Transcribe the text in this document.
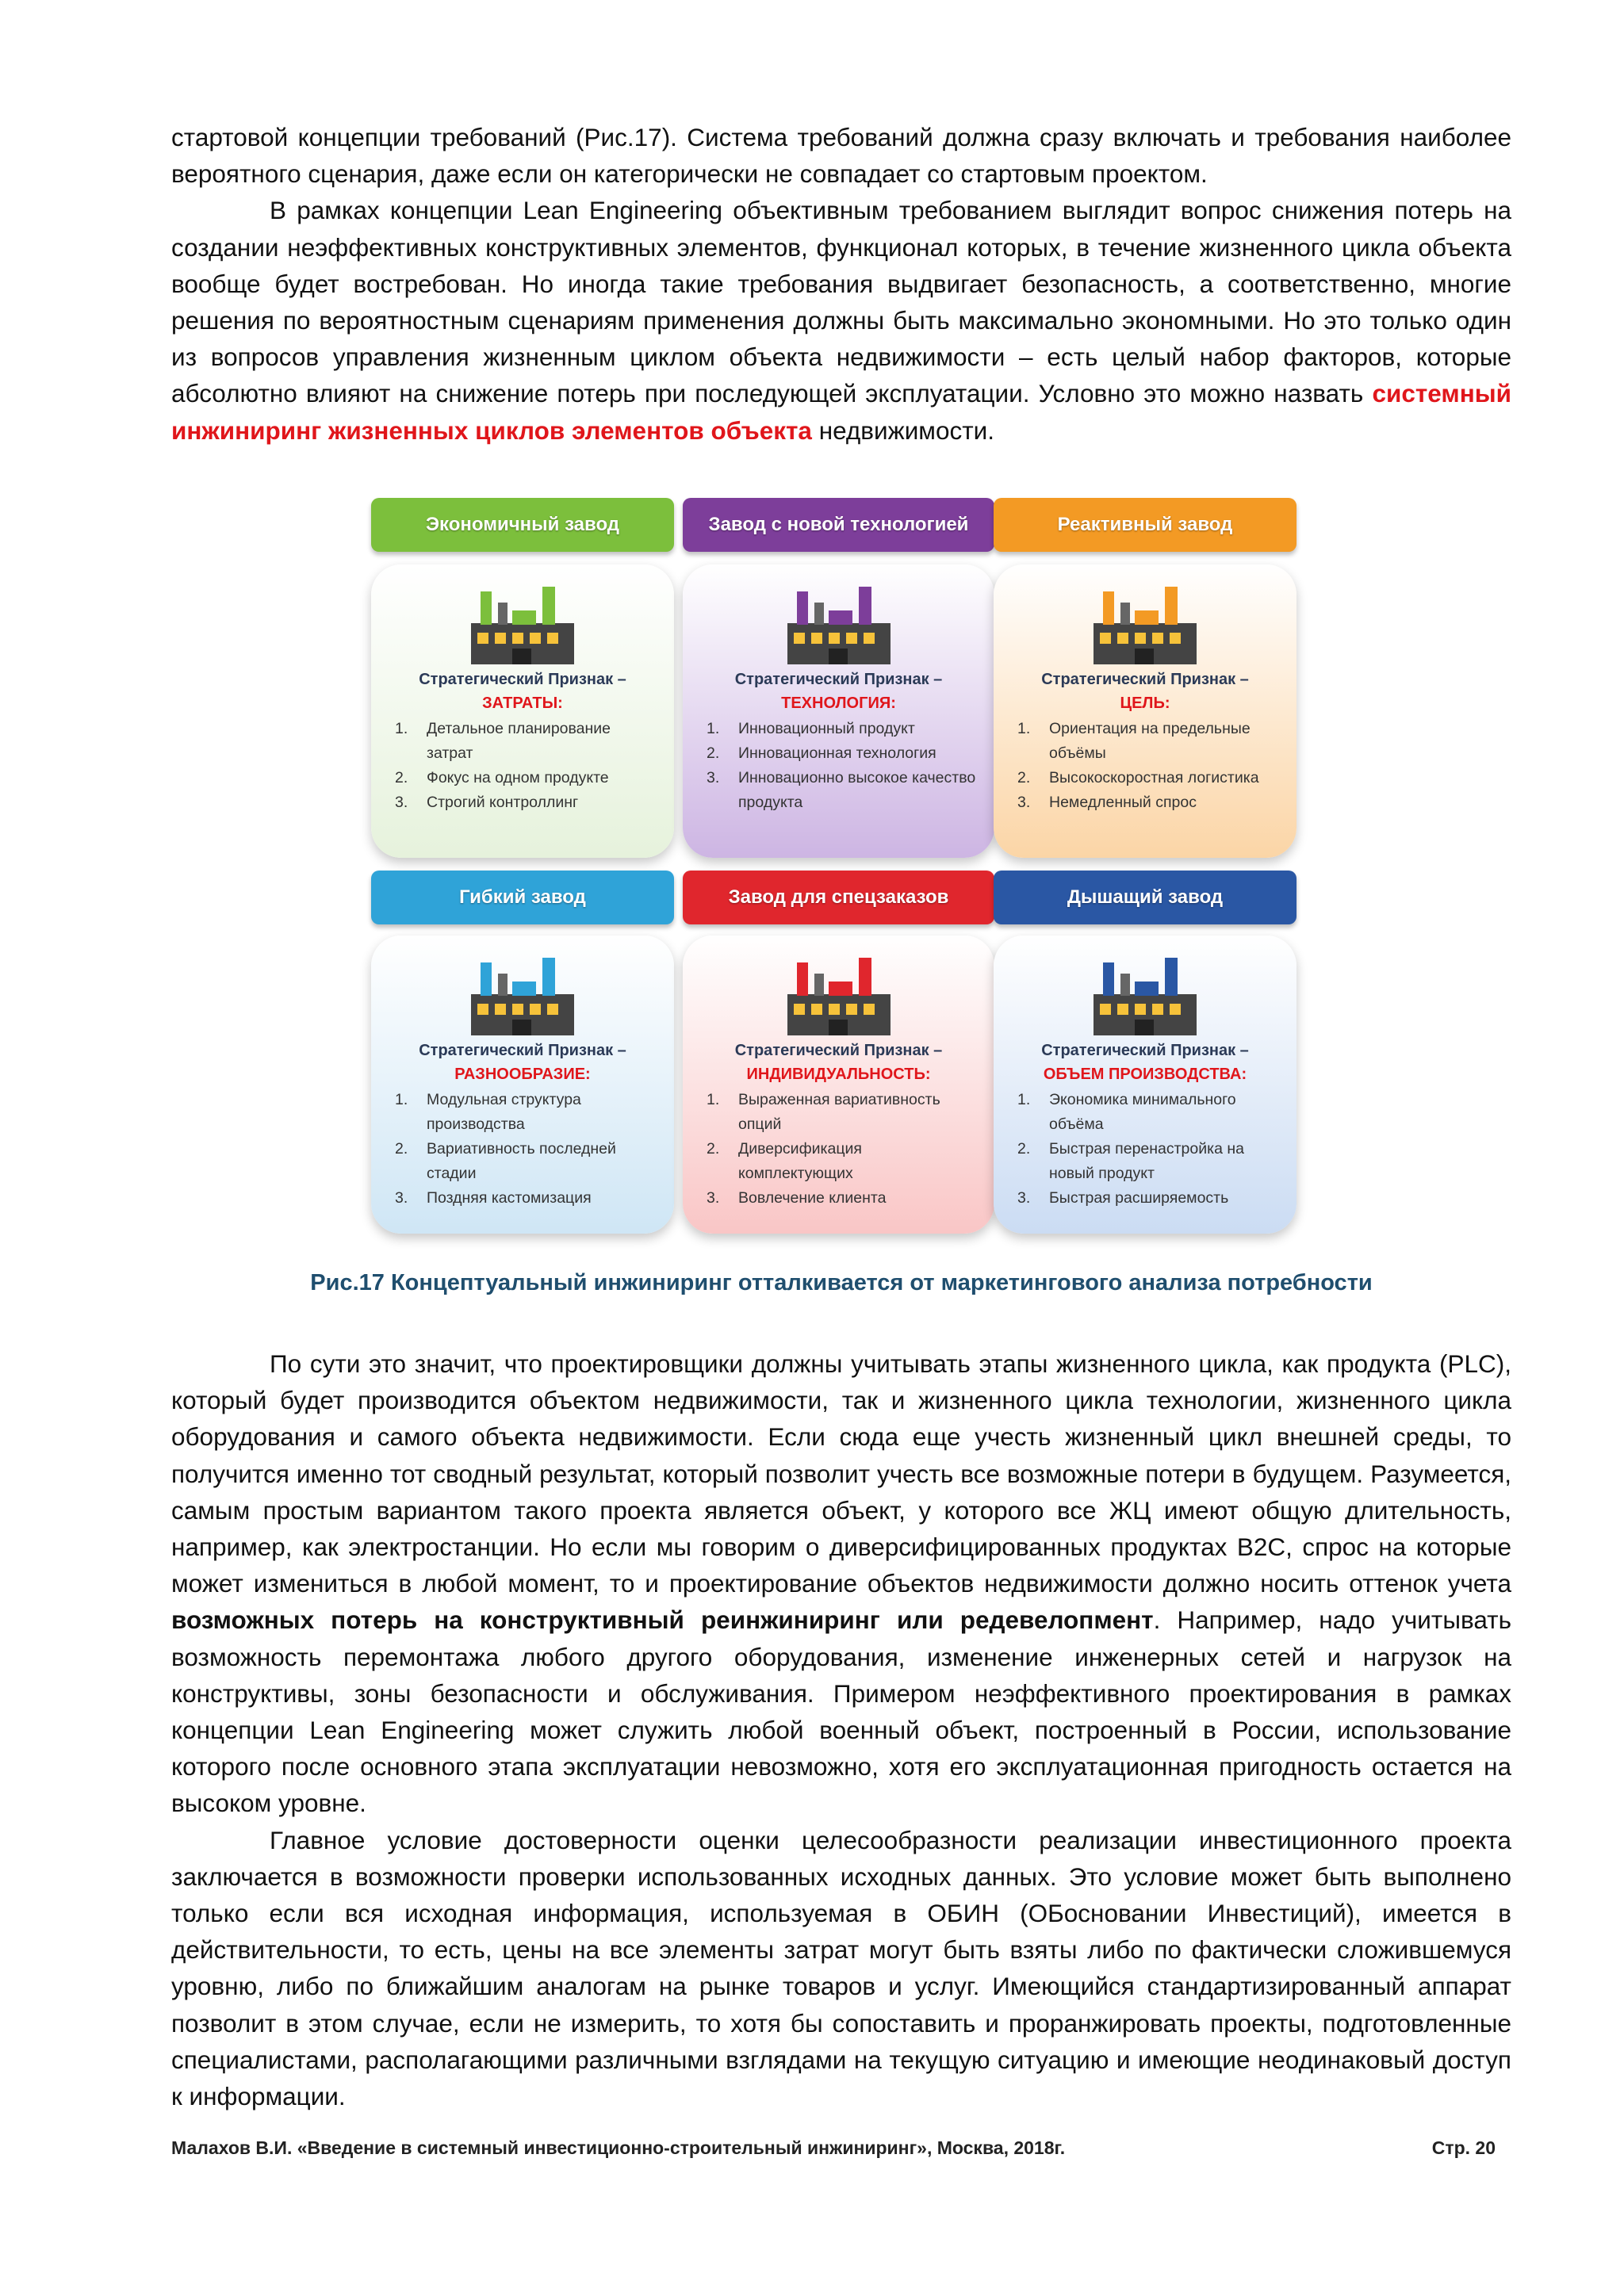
стартовой концепции требований (Рис.17). Система требований должна сразу включать и требования наиболее вероятного сценария, даже если он категорически не совпадает со стартовым проектом.

В рамках концепции Lean Engineering объективным требованием выглядит вопрос снижения потерь на создании неэффективных конструктивных элементов, функционал которых, в течение жизненного цикла объекта вообще будет востребован. Но иногда такие требования выдвигает безопасность, а соответственно, многие решения по вероятностным сценариям применения должны быть максимально экономными. Но это только один из вопросов управления жизненным циклом объекта недвижимости – есть целый набор факторов, которые абсолютно влияют на снижение потерь при последующей эксплуатации. Условно это можно назвать системный инжиниринг жизненных циклов элементов объекта недвижимости.

Экономичный завод
Стратегический Признак –
ЗАТРАТЫ:
1. Детальное планирование затрат
2. Фокус на одном продукте
3. Строгий контроллинг
Завод с новой технологией
Стратегический Признак –
ТЕХНОЛОГИЯ:
1. Инновационный продукт
2. Инновационная технология
3. Инновационно высокое качество продукта
Реактивный завод
Стратегический Признак –
ЦЕЛЬ:
1. Ориентация на предельные объёмы
2. Высокоскоростная логистика
3. Немедленный спрос
Гибкий завод
Стратегический Признак –
РАЗНООБРАЗИЕ:
1. Модульная структура производства
2. Вариативность последней стадии
3. Поздняя кастомизация
Завод для спецзаказов
Стратегический Признак –
ИНДИВИДУАЛЬНОСТЬ:
1. Выраженная вариативность опций
2. Диверсификация комплектующих
3. Вовлечение клиента
Дышащий завод
Стратегический Признак –
ОБЪЕМ ПРОИЗВОДСТВА:
1. Экономика минимального объёма
2. Быстрая перенастройка на новый продукт
3. Быстрая расширяемость
Рис.17 Концептуальный инжиниринг отталкивается от маркетингового анализа потребности

По сути это значит, что проектировщики должны учитывать этапы жизненного цикла, как продукта (PLC), который будет производится объектом недвижимости, так и жизненного цикла технологии, жизненного цикла оборудования и самого объекта недвижимости. Если сюда еще учесть жизненный цикл внешней среды, то получится именно тот сводный результат, который позволит учесть все возможные потери в будущем. Разумеется, самым простым вариантом такого проекта является объект, у которого все ЖЦ имеют общую длительность, например, как электростанции. Но если мы говорим о диверсифицированных продуктах B2C, спрос на которые может измениться в любой момент, то и проектирование объектов недвижимости должно носить оттенок учета возможных потерь на конструктивный реинжиниринг или редевелопмент. Например, надо учитывать возможность перемонтажа любого другого оборудования, изменение инженерных сетей и нагрузок на конструктивы, зоны безопасности и обслуживания. Примером неэффективного проектирования в рамках концепции Lean Engineering может служить любой военный объект, построенный в России, использование которого после основного этапа эксплуатации невозможно, хотя его эксплуатационная пригодность остается на высоком уровне.

Главное условие достоверности оценки целесообразности реализации инвестиционного проекта заключается в возможности проверки использованных исходных данных. Это условие может быть выполнено только если вся исходная информация, используемая в ОБИН (ОБосновании Инвестиций), имеется в действительности, то есть, цены на все элементы затрат могут быть взяты либо по фактически сложившемуся уровню, либо по ближайшим аналогам на рынке товаров и услуг. Имеющийся стандартизированный аппарат позволит в этом случае, если не измерить, то хотя бы сопоставить и проранжировать проекты, подготовленные специалистами, располагающими различными взглядами на текущую ситуацию и имеющие неодинаковый доступ к информации.

Малахов В.И. «Введение в системный инвестиционно-строительный инжиниринг», Москва, 2018г.	Стр. 20
